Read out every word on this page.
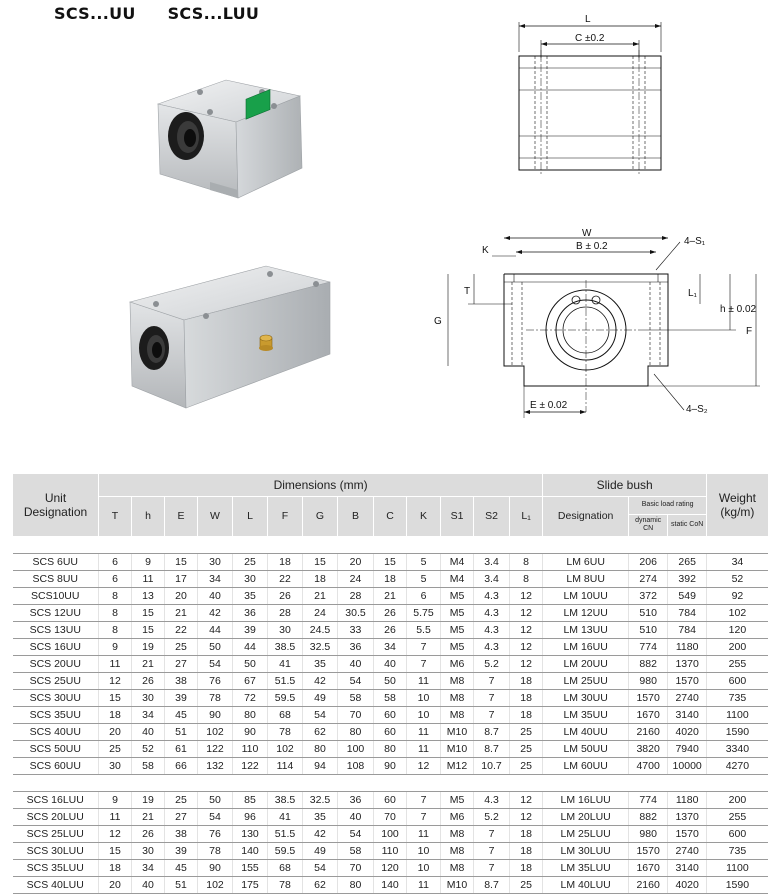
SCS...UU SCS...LUU	L
C ±0.2
W
B ± 0.2
K
4–S₁
T
G
L₁
h ± 0.02
F
E ± 0.02	4–S₂
Unit Designation	Dimensions (mm)													Slide bush			Weight (kg/m)
	T	h	E	W	L	F	G	B	C	K	S1	S2	L₁	Designation	Basic load rating		
															dynamic CN	static CoN	

SCS 6UU	6	9	15	30	25	18	15	20	15	5	M4	3.4	8	LM 6UU	206	265	34
SCS 8UU	6	11	17	34	30	22	18	24	18	5	M4	3.4	8	LM 8UU	274	392	52
SCS10UU	8	13	20	40	35	26	21	28	21	6	M5	4.3	12	LM 10UU	372	549	92
SCS 12UU	8	15	21	42	36	28	24	30.5	26	5.75	M5	4.3	12	LM 12UU	510	784	102
SCS 13UU	8	15	22	44	39	30	24.5	33	26	5.5	M5	4.3	12	LM 13UU	510	784	120
SCS 16UU	9	19	25	50	44	38.5	32.5	36	34	7	M5	4.3	12	LM 16UU	774	1180	200
SCS 20UU	11	21	27	54	50	41	35	40	40	7	M6	5.2	12	LM 20UU	882	1370	255
SCS 25UU	12	26	38	76	67	51.5	42	54	50	11	M8	7	18	LM 25UU	980	1570	600
SCS 30UU	15	30	39	78	72	59.5	49	58	58	10	M8	7	18	LM 30UU	1570	2740	735
SCS 35UU	18	34	45	90	80	68	54	70	60	10	M8	7	18	LM 35UU	1670	3140	1100
SCS 40UU	20	40	51	102	90	78	62	80	60	11	M10	8.7	25	LM 40UU	2160	4020	1590
SCS 50UU	25	52	61	122	110	102	80	100	80	11	M10	8.7	25	LM 50UU	3820	7940	3340
SCS 60UU	30	58	66	132	122	114	94	108	90	12	M12	10.7	25	LM 60UU	4700	10000	4270

SCS 16LUU	9	19	25	50	85	38.5	32.5	36	60	7	M5	4.3	12	LM 16LUU	774	1180	200
SCS 20LUU	11	21	27	54	96	41	35	40	70	7	M6	5.2	12	LM 20LUU	882	1370	255
SCS 25LUU	12	26	38	76	130	51.5	42	54	100	11	M8	7	18	LM 25LUU	980	1570	600
SCS 30LUU	15	30	39	78	140	59.5	49	58	110	10	M8	7	18	LM 30LUU	1570	2740	735
SCS 35LUU	18	34	45	90	155	68	54	70	120	10	M8	7	18	LM 35LUU	1670	3140	1100
SCS 40LUU	20	40	51	102	175	78	62	80	140	11	M10	8.7	25	LM 40LUU	2160	4020	1590
